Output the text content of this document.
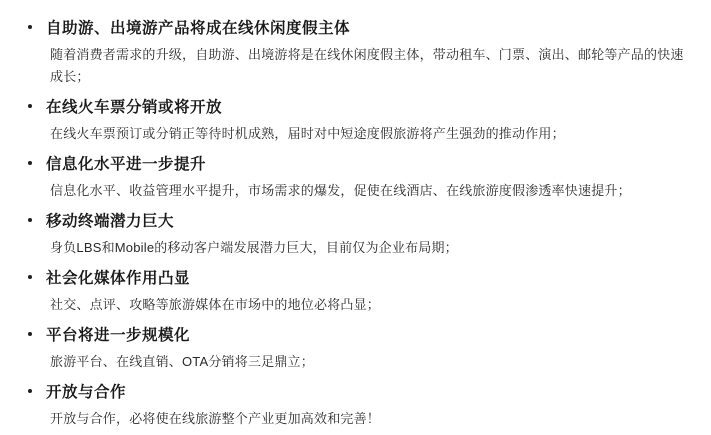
自助游、出境游产品将成在线休闲度假主体

随着消费者需求的升级，自助游、出境游将是在线休闲度假主体，带动租车、门票、演出、邮轮等产品的快速成长；

在线火车票分销或将开放

在线火车票预订或分销正等待时机成熟，届时对中短途度假旅游将产生强劲的推动作用；

信息化水平进一步提升

信息化水平、收益管理水平提升，市场需求的爆发，促使在线酒店、在线旅游度假渗透率快速提升；

移动终端潜力巨大

身负LBS和Mobile的移动客户端发展潜力巨大，目前仅为企业布局期；

社会化媒体作用凸显

社交、点评、攻略等旅游媒体在市场中的地位必将凸显；

平台将进一步规模化

旅游平台、在线直销、OTA分销将三足鼎立；

开放与合作

开放与合作，必将使在线旅游整个产业更加高效和完善！
